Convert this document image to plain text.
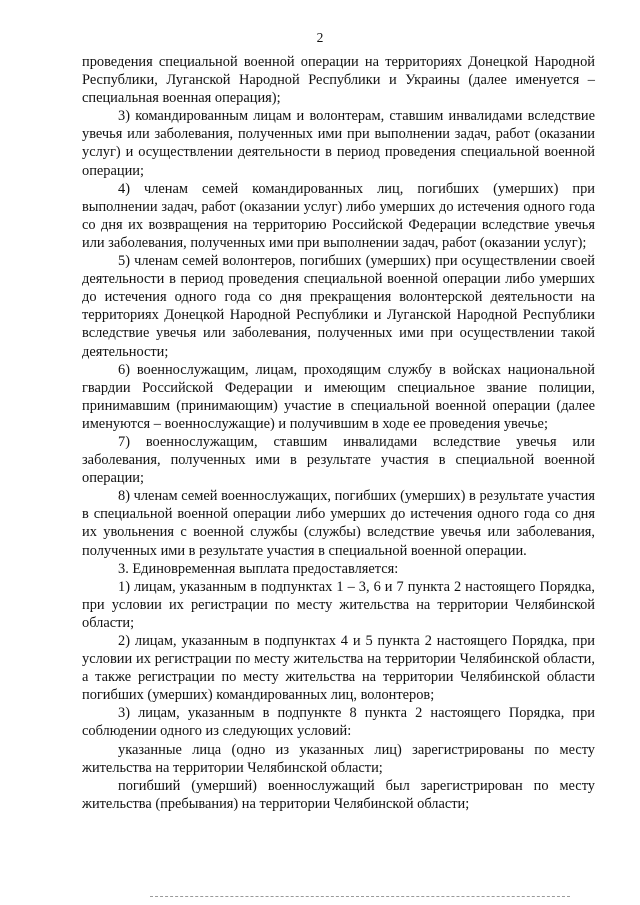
2

проведения специальной военной операции на территориях Донецкой Народной Республики, Луганской Народной Республики и Украины (далее именуется – специальная военная операция);

3) командированным лицам и волонтерам, ставшим инвалидами вследствие увечья или заболевания, полученных ими при выполнении задач, работ (оказании услуг) и осуществлении деятельности в период проведения специальной военной операции;

4) членам семей командированных лиц, погибших (умерших) при выполнении задач, работ (оказании услуг) либо умерших до истечения одного года со дня их возвращения на территорию Российской Федерации вследствие увечья или заболевания, полученных ими при выполнении задач, работ (оказании услуг);

5) членам семей волонтеров, погибших (умерших) при осуществлении своей деятельности в период проведения специальной военной операции либо умерших до истечения одного года со дня прекращения волонтерской деятельности на территориях Донецкой Народной Республики и Луганской Народной Республики вследствие увечья или заболевания, полученных ими при осуществлении такой деятельности;

6) военнослужащим, лицам, проходящим службу в войсках национальной гвардии Российской Федерации и имеющим специальное звание полиции, принимавшим (принимающим) участие в специальной военной операции (далее именуются – военнослужащие) и получившим в ходе ее проведения увечье;

7) военнослужащим, ставшим инвалидами вследствие увечья или заболевания, полученных ими в результате участия в специальной военной операции;

8) членам семей военнослужащих, погибших (умерших) в результате участия в специальной военной операции либо умерших до истечения одного года со дня их увольнения с военной службы (службы) вследствие увечья или заболевания, полученных ими в результате участия в специальной военной операции.

3. Единовременная выплата предоставляется:

1) лицам, указанным в подпунктах 1 – 3, 6 и 7 пункта 2 настоящего Порядка, при условии их регистрации по месту жительства на территории Челябинской области;

2) лицам, указанным в подпунктах 4 и 5 пункта 2 настоящего Порядка, при условии их регистрации по месту жительства на территории Челябинской области, а также регистрации по месту жительства на территории Челябинской области погибших (умерших) командированных лиц, волонтеров;

3) лицам, указанным в подпункте 8 пункта 2 настоящего Порядка, при соблюдении одного из следующих условий:

указанные лица (одно из указанных лиц) зарегистрированы по месту жительства на территории Челябинской области;

погибший (умерший) военнослужащий был зарегистрирован по месту жительства (пребывания) на территории Челябинской области;
